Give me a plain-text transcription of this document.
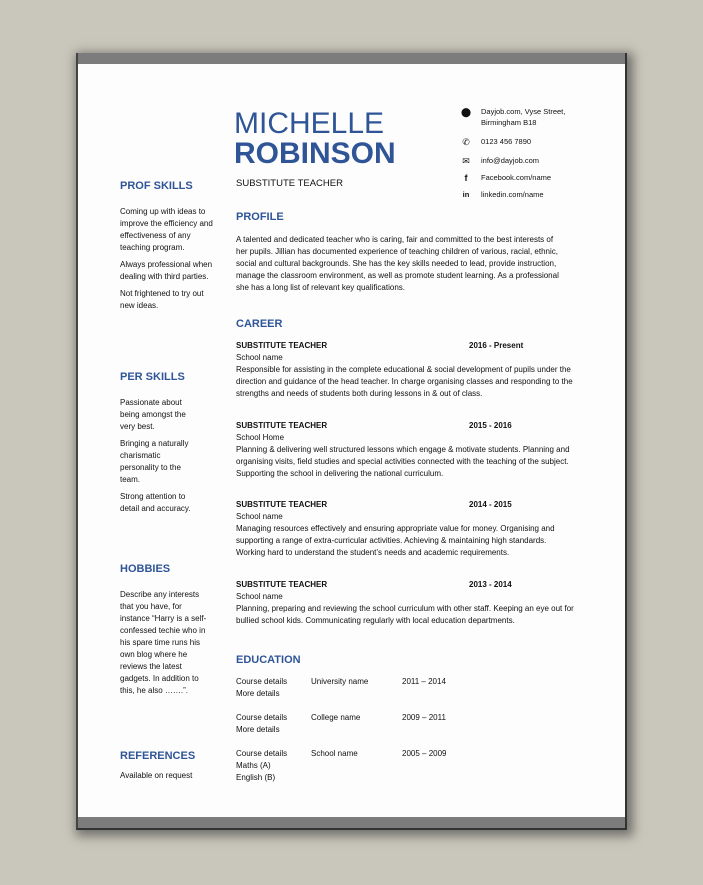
MICHELLE
ROBINSON
SUBSTITUTE TEACHER
⬤ Dayjob.com, Vyse Street,
Birmingham B18
✆ 0123 456 7890
✉ info@dayjob.com
f	Facebook.com/name
in	linkedin.com/name
PROF SKILLS
Coming up with ideas to improve the efficiency and effectiveness of any teaching program.
Always professional when dealing with third parties.
Not frightened to try out new ideas.
PER SKILLS
Passionate about being amongst the very best.
Bringing a naturally charismatic personality to the team.
Strong attention to detail and accuracy.
HOBBIES
Describe any interests that you have, for instance “Harry is a self-confessed techie who in his spare time runs his own blog where he reviews the latest gadgets. In addition to this, he also …….”.
REFERENCES
Available on request
PROFILE
A talented and dedicated teacher who is caring, fair and committed to the best interests of her pupils. Jillian has documented experience of teaching children of various, racial, ethnic, social and cultural backgrounds. She has the key skills needed to lead, provide instruction, manage the classroom environment, as well as promote student learning. As a professional she has a long list of relevant key qualifications.
CAREER
SUBSTITUTE TEACHER	2016 - Present
School name
Responsible for assisting in the complete educational & social development of pupils under the direction and guidance of the head teacher. In charge organising classes and responding to the strengths and needs of students both during lessons in & out of class.
SUBSTITUTE TEACHER	2015 - 2016
School Home
Planning & delivering well structured lessons which engage & motivate students. Planning and organising visits, field studies and special activities connected with the teaching of the subject. Supporting the school in delivering the national curriculum.
SUBSTITUTE TEACHER	2014 - 2015
School name
Managing resources effectively and ensuring appropriate value for money. Organising and supporting a range of extra-curricular activities. Achieving & maintaining high standards. Working hard to understand the student’s needs and academic requirements.
SUBSTITUTE TEACHER	2013 - 2014
School name
Planning, preparing and reviewing the school curriculum with other staff. Keeping an eye out for bullied school kids. Communicating regularly with local education departments.
EDUCATION
Course details	University name	2011 – 2014
More details
Course details	College name	2009 – 2011
More details
Course details	School name	2005 – 2009
Maths (A)
English (B)
